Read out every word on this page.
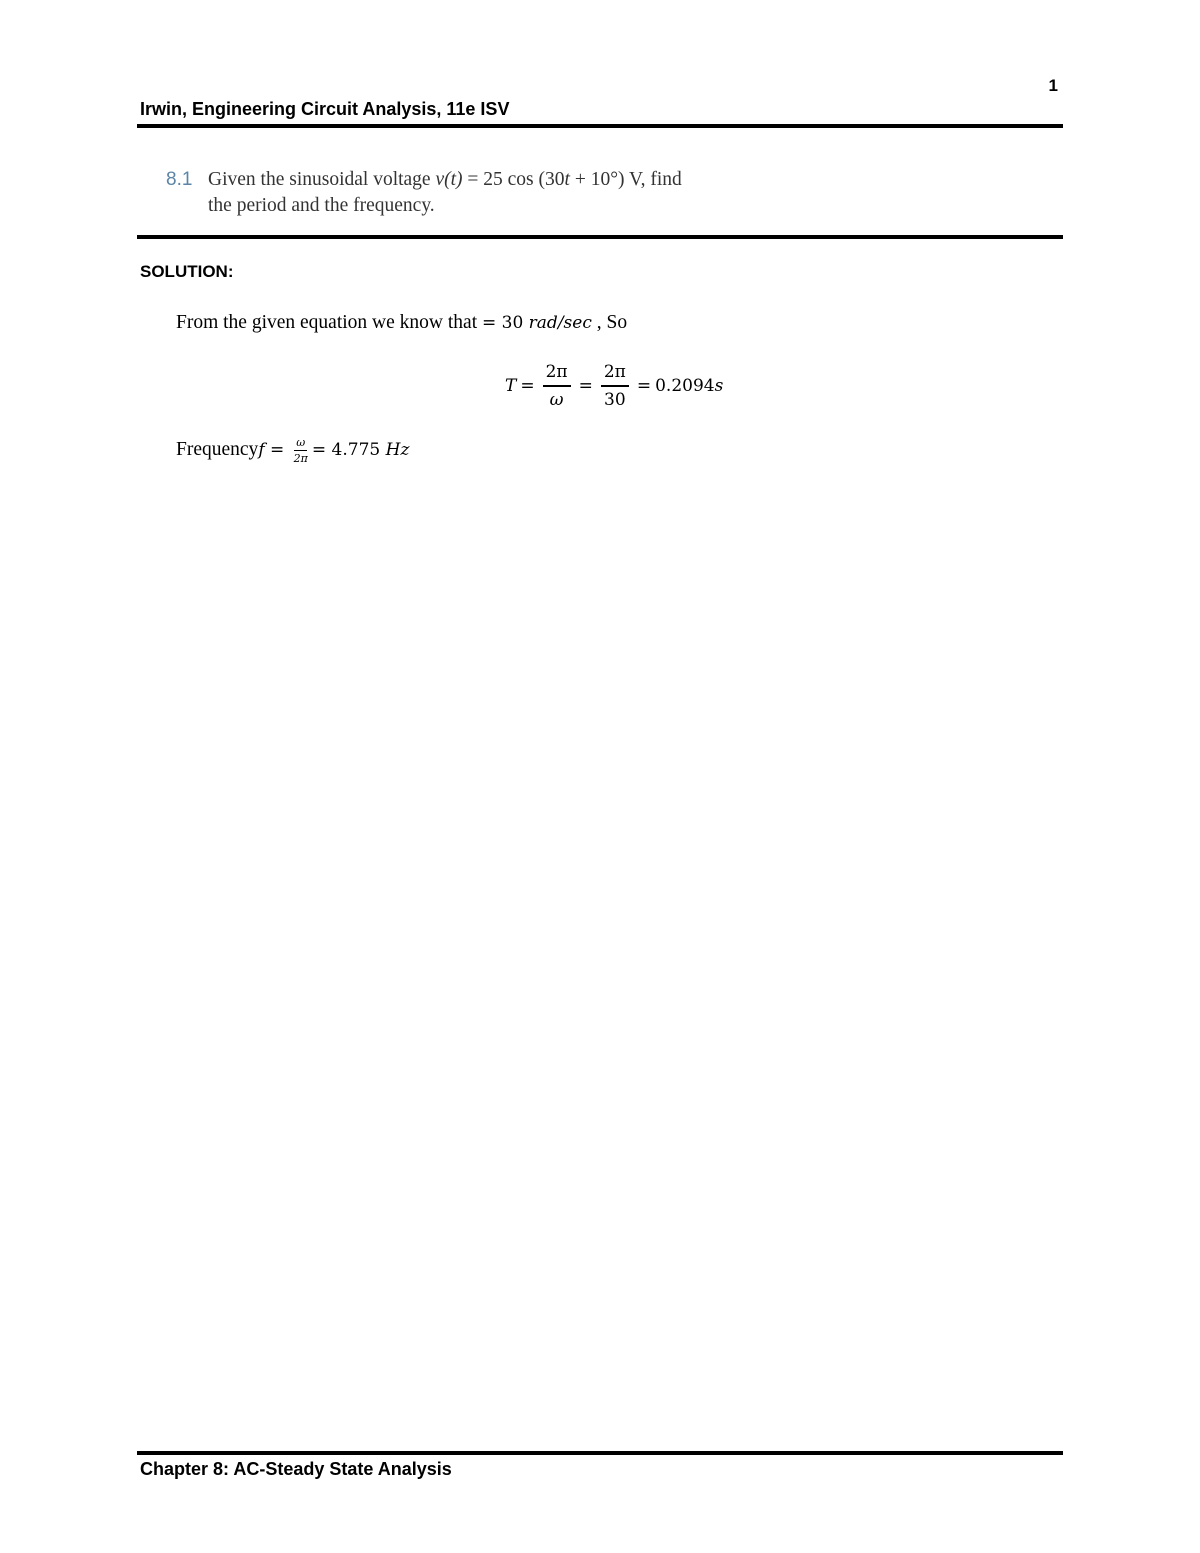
1
Irwin, Engineering Circuit Analysis, 11e ISV
8.1 Given the sinusoidal voltage v(t) = 25 cos (30t + 10°) V, find
the period and the frequency.
SOLUTION:
From the given equation we know that = 30 rad/sec , So
$T = \frac{2\pi}{\omega} = \frac{2\pi}{30} = 0.2094$ s
Frequency $f = \frac{\omega}{2\pi} = 4.775$ Hz
Chapter 8: AC-Steady State Analysis
